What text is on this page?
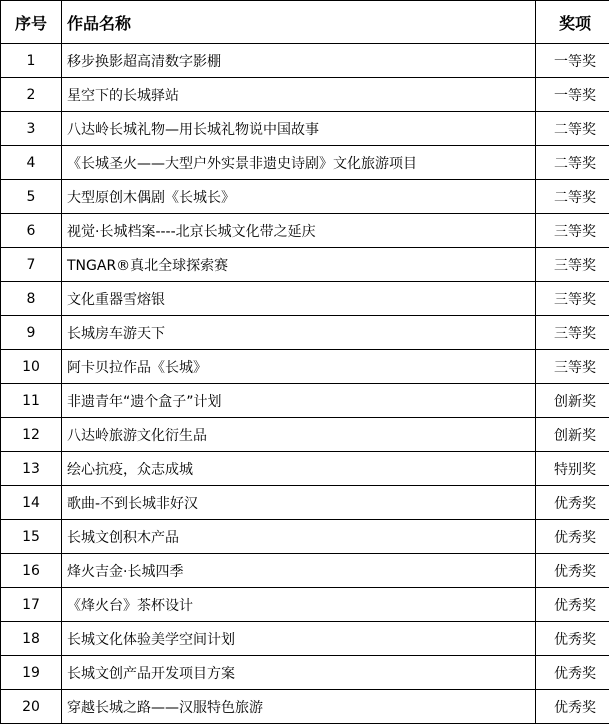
序号	作品名称	奖项
1	移步换影超高清数字影棚	一等奖
2	星空下的长城驿站	一等奖
3	八达岭长城礼物—用长城礼物说中国故事	二等奖
4	《长城圣火——大型户外实景非遗史诗剧》文化旅游项目	二等奖
5	大型原创木偶剧《长城长》	二等奖
6	视觉·长城档案----北京长城文化带之延庆	三等奖
7	TNGAR®真北全球探索赛	三等奖
8	文化重器雪熔银	三等奖
9	长城房车游天下	三等奖
10	阿卡贝拉作品《长城》	三等奖
11	非遗青年“遗个盒子”计划	创新奖
12	八达岭旅游文化衍生品	创新奖
13	绘心抗疫，众志成城	特别奖
14	歌曲-不到长城非好汉	优秀奖
15	长城文创积木产品	优秀奖
16	烽火吉金·长城四季	优秀奖
17	《烽火台》茶杯设计	优秀奖
18	长城文化体验美学空间计划	优秀奖
19	长城文创产品开发项目方案	优秀奖
20	穿越长城之路——汉服特色旅游	优秀奖
